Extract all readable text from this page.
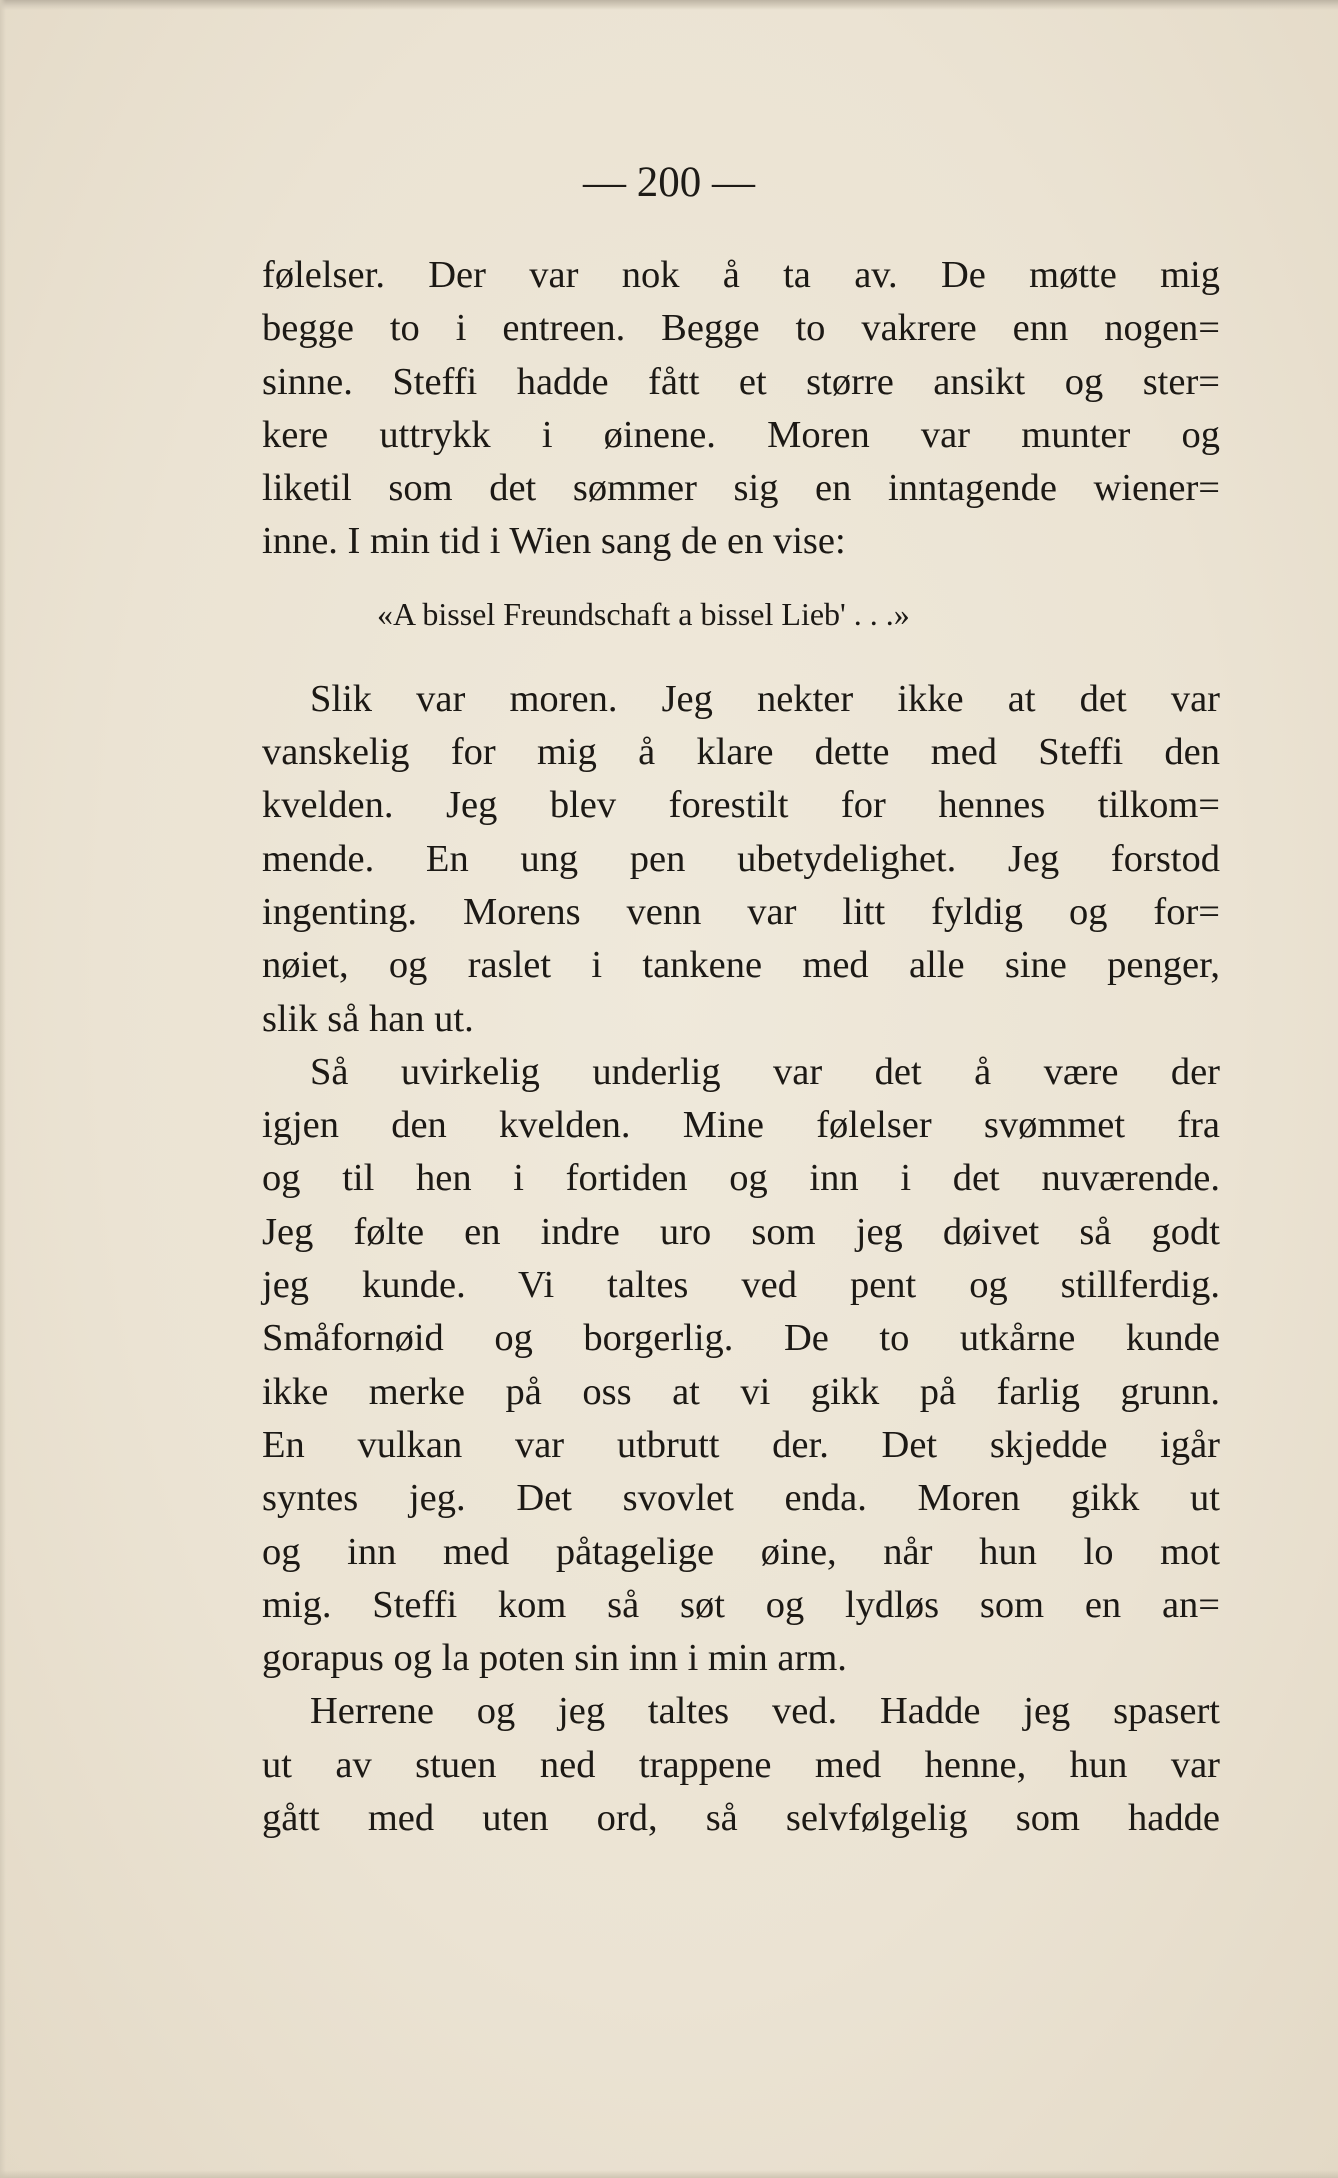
— 200 —

følelser. Der var nok å ta av. De møtte mig
begge to i entreen. Begge to vakrere enn nogen=
sinne. Steffi hadde fått et større ansikt og ster=
kere uttrykk i øinene. Moren var munter og
liketil som det sømmer sig en inntagende wiener=
inne. I min tid i Wien sang de en vise:
«A bissel Freundschaft a bissel Lieb' . . .»
Slik var moren. Jeg nekter ikke at det var
vanskelig for mig å klare dette med Steffi den
kvelden. Jeg blev forestilt for hennes tilkom=
mende. En ung pen ubetydelighet. Jeg forstod
ingenting. Morens venn var litt fyldig og for=
nøiet, og raslet i tankene med alle sine penger,
slik så han ut.
Så uvirkelig underlig var det å være der
igjen den kvelden. Mine følelser svømmet fra
og til hen i fortiden og inn i det nuværende.
Jeg følte en indre uro som jeg døivet så godt
jeg kunde. Vi taltes ved pent og stillferdig.
Småfornøid og borgerlig. De to utkårne kunde
ikke merke på oss at vi gikk på farlig grunn.
En vulkan var utbrutt der. Det skjedde igår
syntes jeg. Det svovlet enda. Moren gikk ut
og inn med påtagelige øine, når hun lo mot
mig. Steffi kom så søt og lydløs som en an=
gorapus og la poten sin inn i min arm.
Herrene og jeg taltes ved. Hadde jeg spasert
ut av stuen ned trappene med henne, hun var
gått med uten ord, så selvfølgelig som hadde
